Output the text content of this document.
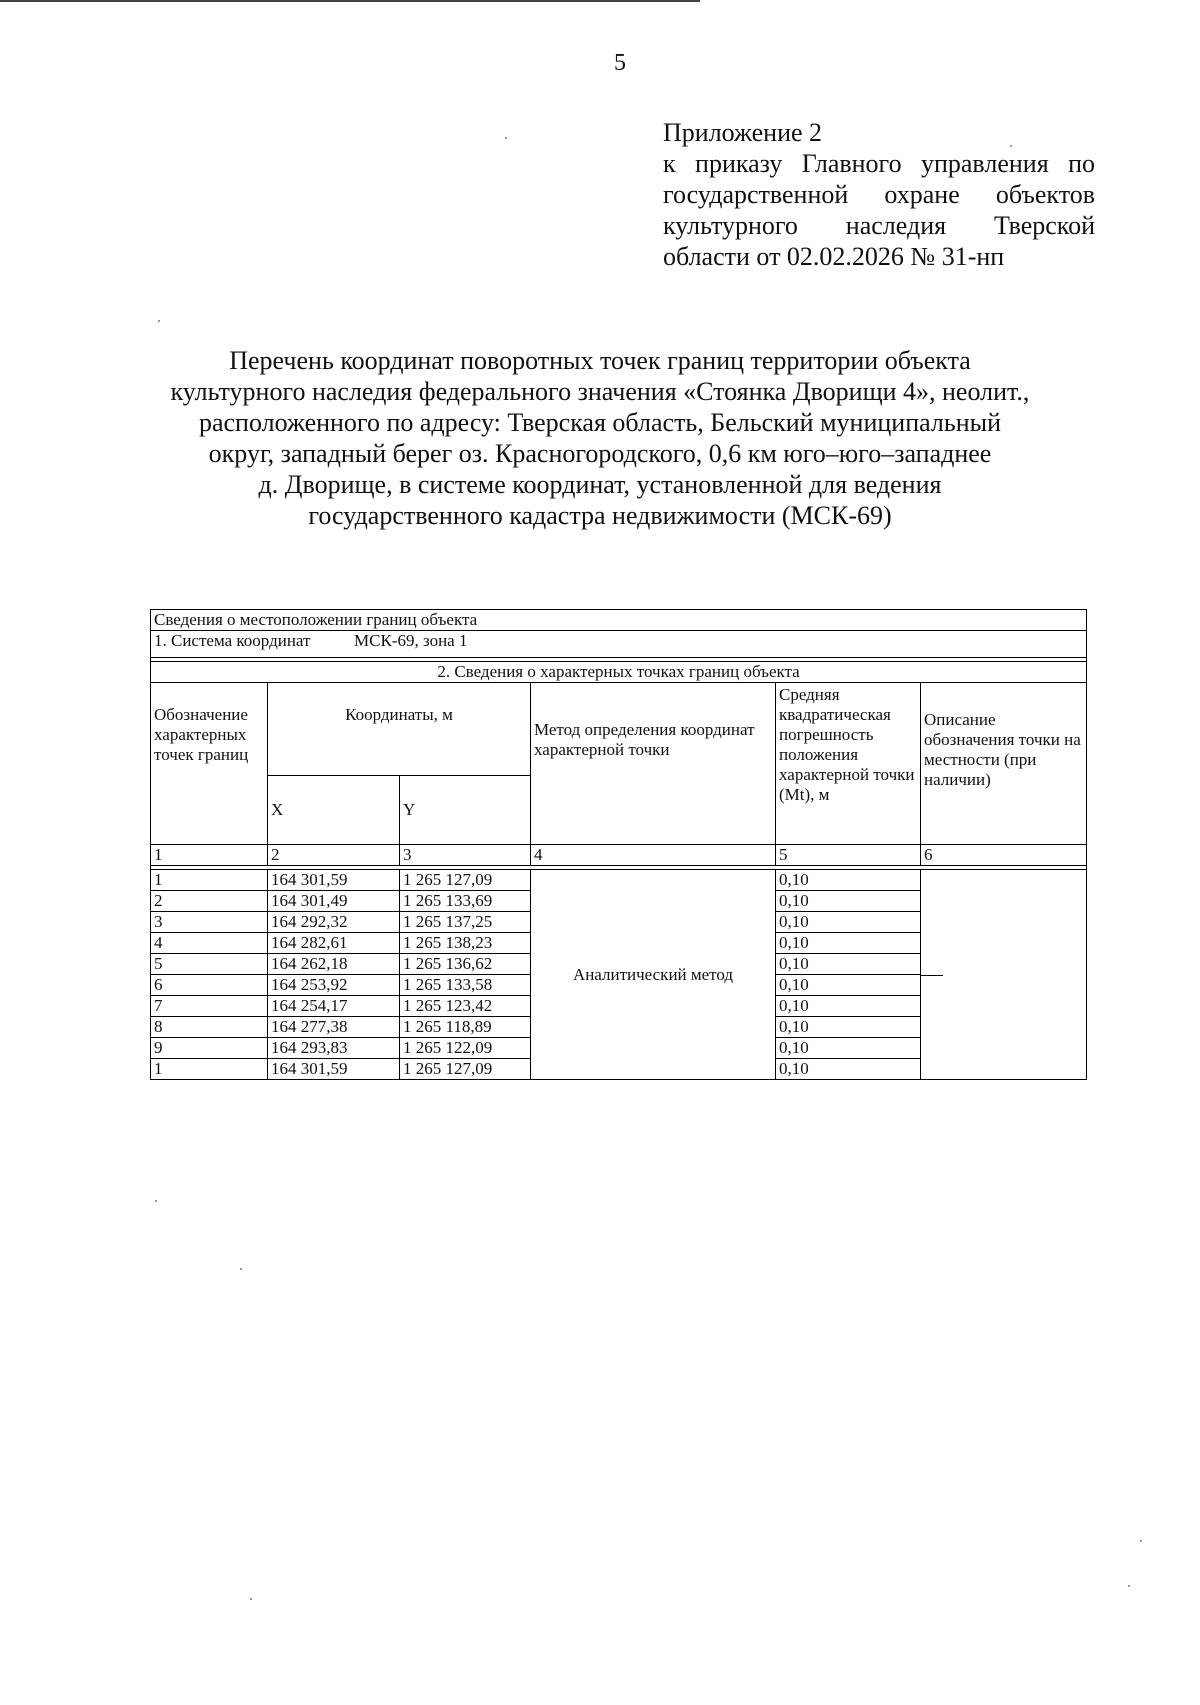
5
Приложение 2
к приказу Главного управления по
государственной охране объектов
культурного наследия Тверской
области от 02.02.2026 № 31-нп
Перечень координат поворотных точек границ территории объекта
культурного наследия федерального значения «Стоянка Дворищи 4», неолит.,
расположенного по адресу: Тверская область, Бельский муниципальный
округ, западный берег оз. Красногородского, 0,6 км юго–юго–западнее
д. Дворище, в системе координат, установленной для ведения
государственного кадастра недвижимости (МСК-69)
Сведения о местоположении границ объекта					
1. Система координат МСК-69, зона 1					

2. Сведения о характерных точках границ объекта					
Обозначение характерных точек границ	Координаты, м		Метод определения координат характерной точки	Средняя квадратическая погрешность положения характерной точки (Mt), м	Описание обозначения точки на местности (при наличии)
	X	Y			
1	2	3	4	5	6

1	164 301,59	1 265 127,09	Аналитический метод	0,10	
2	164 301,49	1 265 133,69		0,10	
3	164 292,32	1 265 137,25		0,10	
4	164 282,61	1 265 138,23		0,10	
5	164 262,18	1 265 136,62		0,10	
6	164 253,92	1 265 133,58		0,10	
7	164 254,17	1 265 123,42		0,10	
8	164 277,38	1 265 118,89		0,10	
9	164 293,83	1 265 122,09		0,10	
1	164 301,59	1 265 127,09		0,10	
